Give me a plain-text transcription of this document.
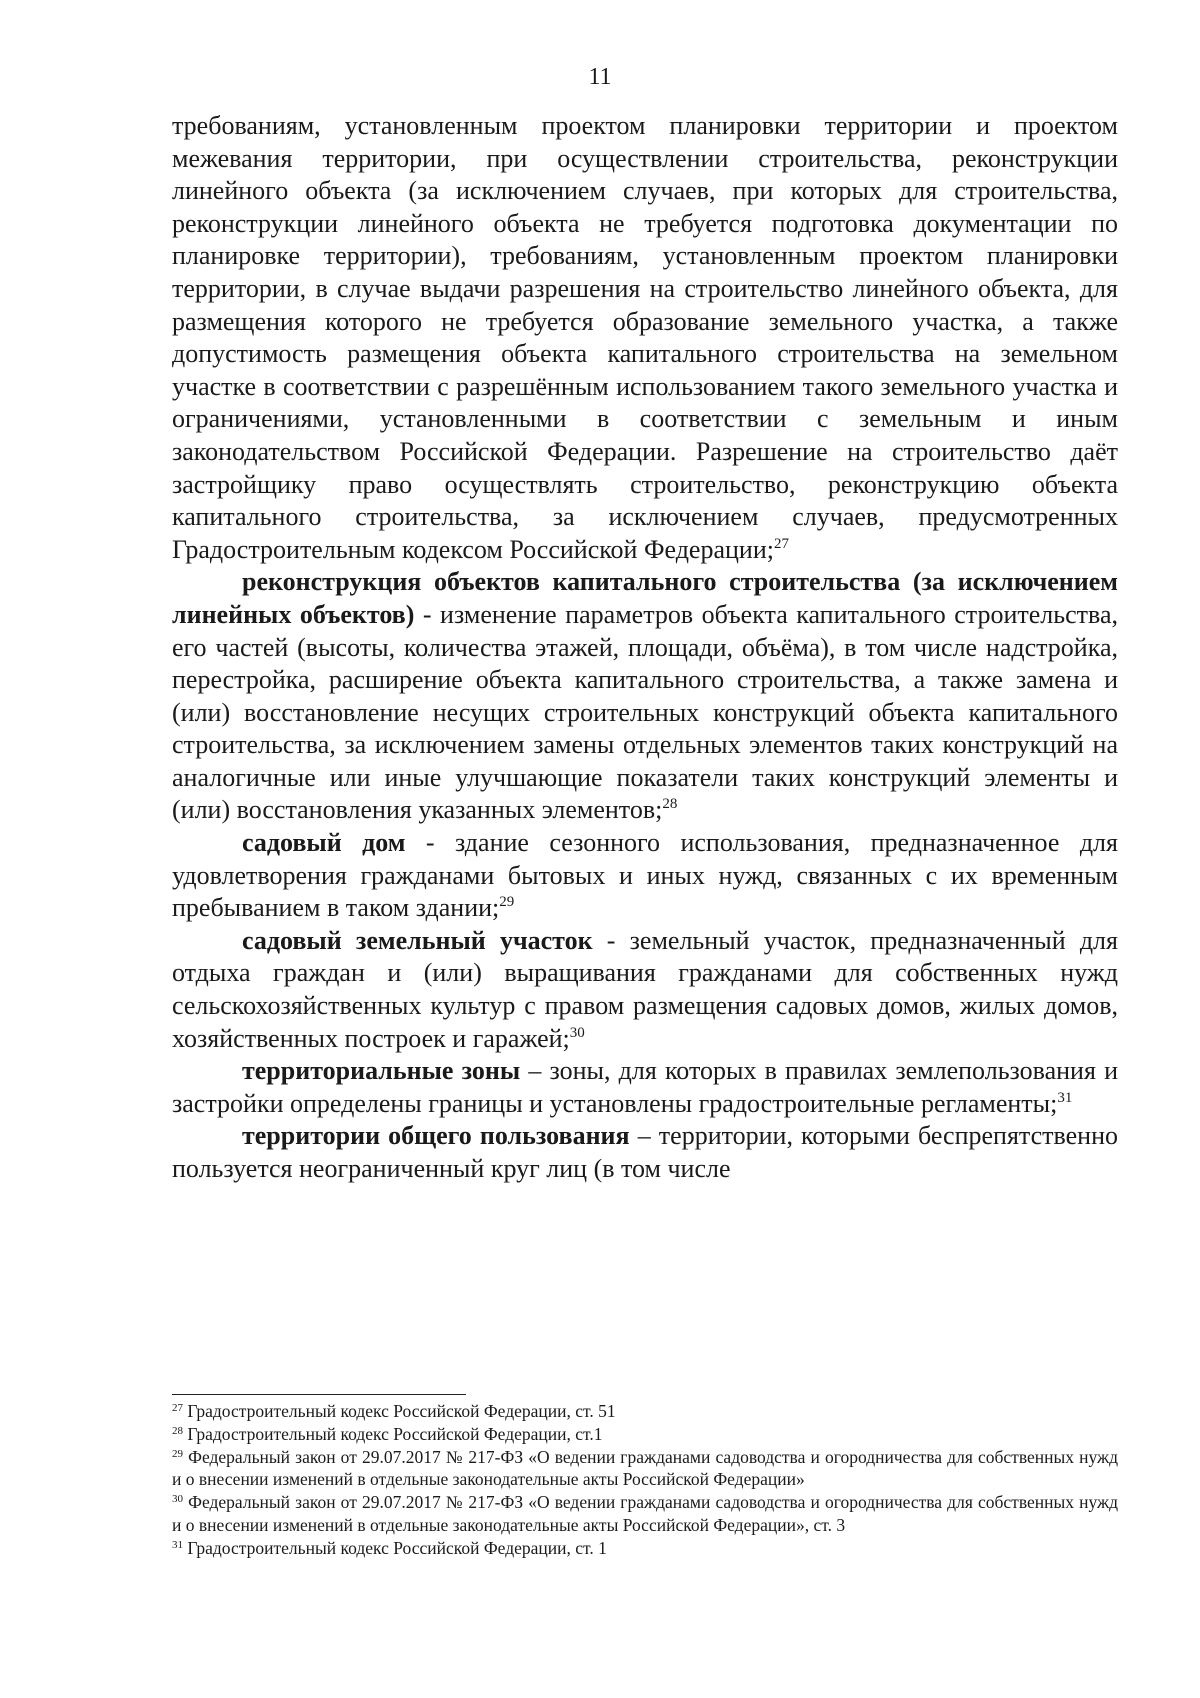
11

требованиям, установленным проектом планировки территории и проектом межевания территории, при осуществлении строительства, реконструкции линейного объекта (за исключением случаев, при которых для строительства, реконструкции линейного объекта не требуется подготовка документации по планировке территории), требованиям, установленным проектом планировки территории, в случае выдачи разрешения на строительство линейного объекта, для размещения которого не требуется образование земельного участка, а также допустимость размещения объекта капитального строительства на земельном участке в соответствии с разрешённым использованием такого земельного участка и ограничениями, установленными в соответствии с земельным и иным законодательством Российской Федерации. Разрешение на строительство даёт застройщику право осуществлять строительство, реконструкцию объекта капитального строительства, за исключением случаев, предусмотренных Градостроительным кодексом Российской Федерации;$^{27}$

реконструкция объектов капитального строительства (за исключением линейных объектов) - изменение параметров объекта капитального строительства, его частей (высоты, количества этажей, площади, объёма), в том числе надстройка, перестройка, расширение объекта капитального строительства, а также замена и (или) восстановление несущих строительных конструкций объекта капитального строительства, за исключением замены отдельных элементов таких конструкций на аналогичные или иные улучшающие показатели таких конструкций элементы и (или) восстановления указанных элементов;$^{28}$

садовый дом - здание сезонного использования, предназначенное для удовлетворения гражданами бытовых и иных нужд, связанных с их временным пребыванием в таком здании;$^{29}$

садовый земельный участок - земельный участок, предназначенный для отдыха граждан и (или) выращивания гражданами для собственных нужд сельскохозяйственных культур с правом размещения садовых домов, жилых домов, хозяйственных построек и гаражей;$^{30}$

территориальные зоны – зоны, для которых в правилах землепользования и застройки определены границы и установлены градостроительные регламенты;$^{31}$

территории общего пользования – территории, которыми беспрепятственно пользуется неограниченный круг лиц (в том числе

$^{27}$ Градостроительный кодекс Российской Федерации, ст. 51

$^{28}$ Градостроительный кодекс Российской Федерации, ст.1

$^{29}$ Федеральный закон от 29.07.2017 № 217-ФЗ «О ведении гражданами садоводства и огородничества для собственных нужд и о внесении изменений в отдельные законодательные акты Российской Федерации»

$^{30}$ Федеральный закон от 29.07.2017 № 217-ФЗ «О ведении гражданами садоводства и огородничества для собственных нужд и о внесении изменений в отдельные законодательные акты Российской Федерации», ст. 3

$^{31}$ Градостроительный кодекс Российской Федерации, ст. 1
